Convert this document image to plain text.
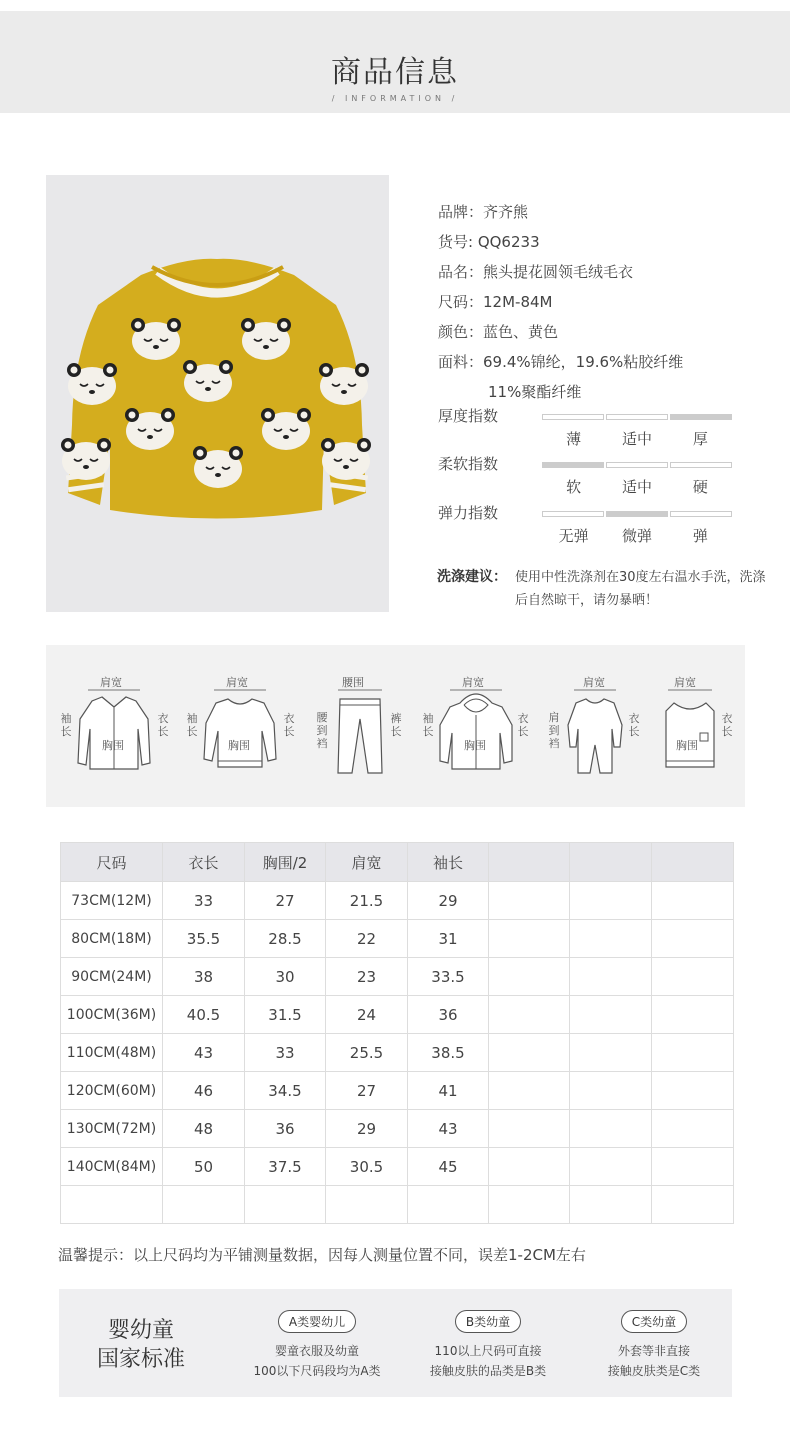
商品信息
/ INFORMATION /
品牌：齐齐熊
货号: QQ6233
品名：熊头提花圆领毛绒毛衣
尺码：12M-84M
颜色：蓝色、黄色
面料：69.4%锦纶，19.6%粘胶纤维
11%聚酯纤维
厚度指数
薄	适中	厚
柔软指数
软	适中	硬
弹力指数
无弹	微弹	弹
洗涤建议： 使用中性洗涤剂在30度左右温水手洗，洗涤后自然晾干，请勿暴晒！
肩宽
袖长
衣长
胸围
肩宽
袖长
衣长
胸围
腰围
腰到裆
裤长
肩宽
袖长
衣长
胸围
肩宽
肩到裆
衣长
肩宽
衣长
胸围
尺码	衣长	胸围/2	肩宽	袖长			
73CM(12M)	33	27	21.5	29			
80CM(18M)	35.5	28.5	22	31			
90CM(24M)	38	30	23	33.5			
100CM(36M)	40.5	31.5	24	36			
110CM(48M)	43	33	25.5	38.5			
120CM(60M)	46	34.5	27	41			
130CM(72M)	48	36	29	43			
140CM(84M)	50	37.5	30.5	45			

温馨提示：以上尺码均为平铺测量数据，因每人测量位置不同，误差1-2CM左右
婴幼童
国家标准
A类婴幼儿
婴童衣服及幼童
100以下尺码段均为A类
B类幼童
110以上尺码可直接
接触皮肤的品类是B类
C类幼童
外套等非直接
接触皮肤类是C类
